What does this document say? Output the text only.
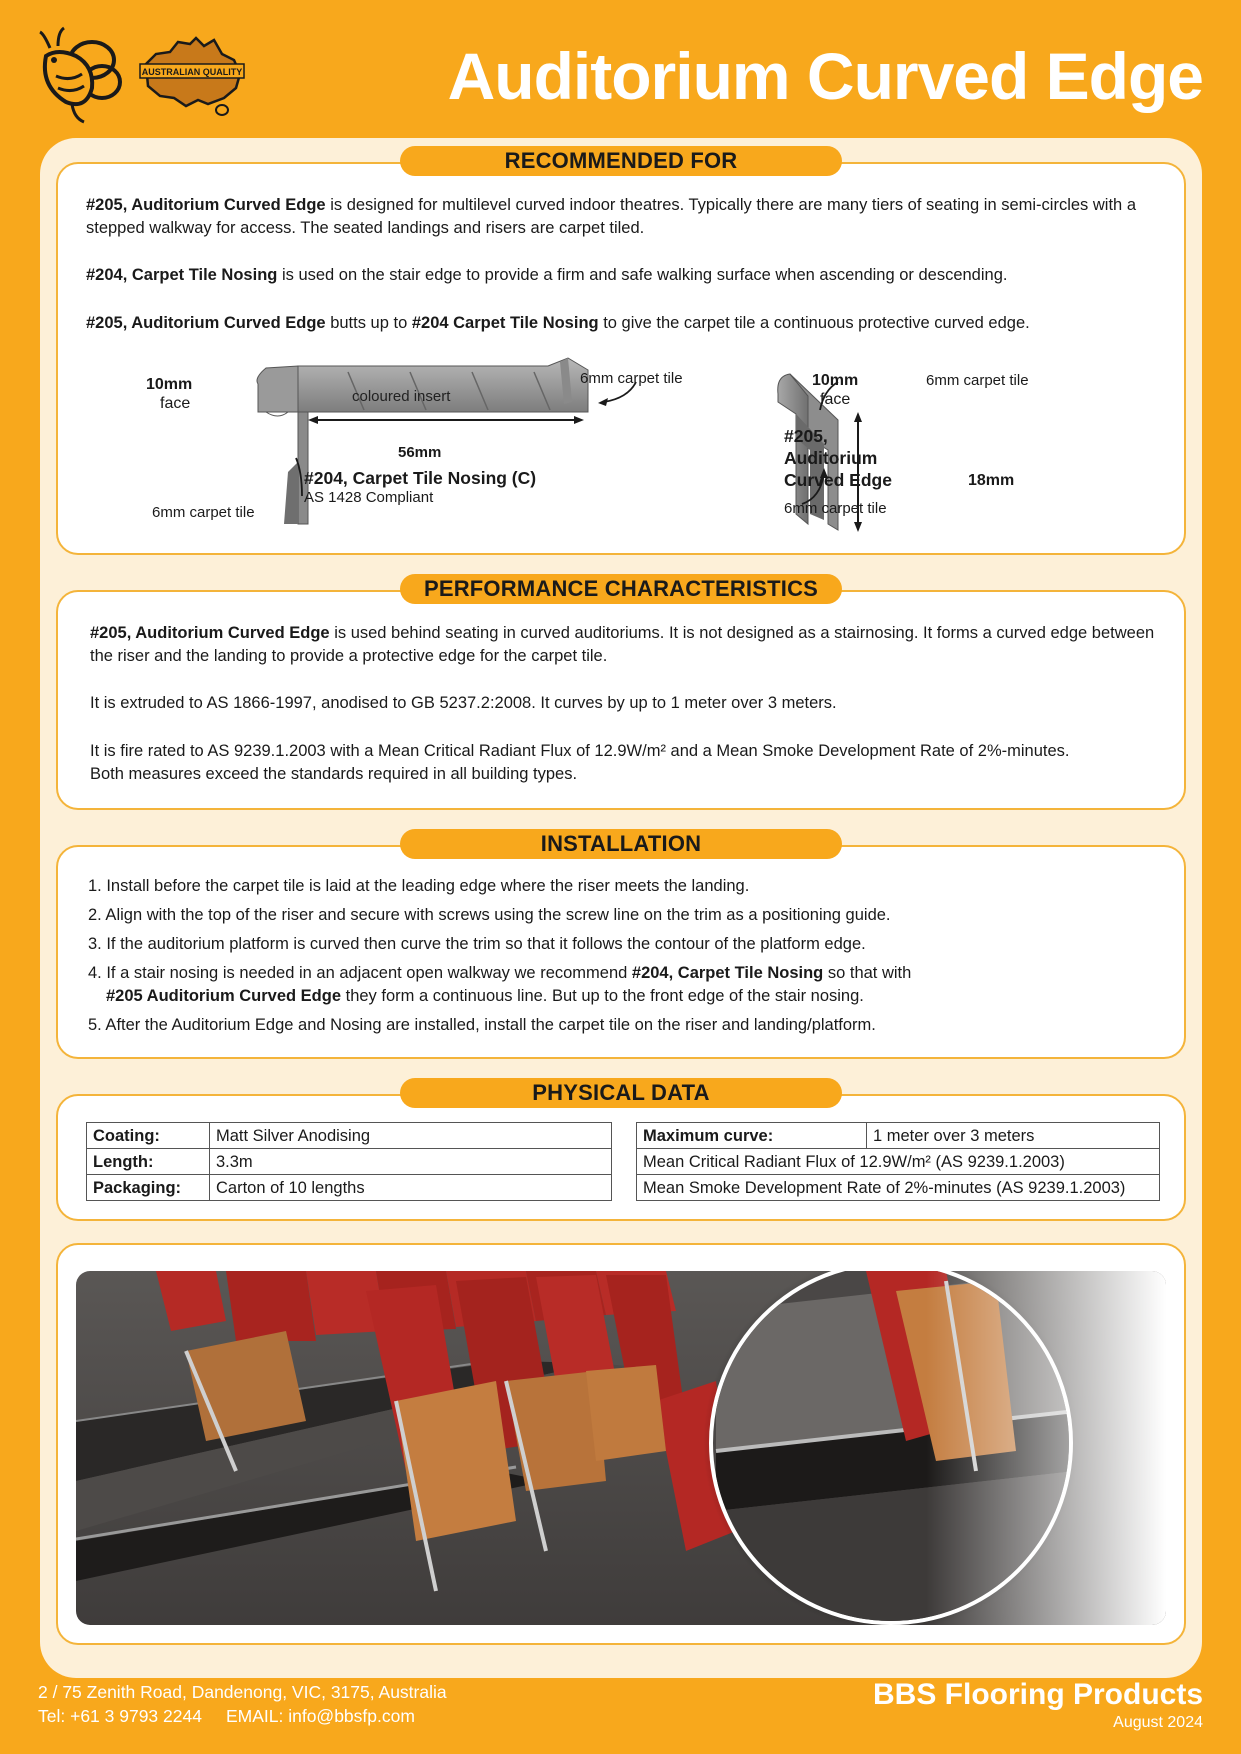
AUSTRALIAN QUALITY	Auditorium Curved Edge
RECOMMENDED FOR
#205, Auditorium Curved Edge is designed for multilevel curved indoor theatres. Typically there are many tiers of seating in semi-circles with a stepped walkway for access. The seated landings and risers are carpet tiled.
#204, Carpet Tile Nosing is used on the stair edge to provide a firm and safe walking surface when ascending or descending.
#205, Auditorium Curved Edge butts up to #204 Carpet Tile Nosing to give the carpet tile a continuous protective curved edge.
10mm
face	coloured insert
6mm carpet tile
56mm
#204, Carpet Tile Nosing (C)
AS 1428 Compliant
6mm carpet tile
10mm
face
6mm carpet tile
#205,
Auditorium
Curved Edge
6mm carpet tile
18mm
PERFORMANCE CHARACTERISTICS
#205, Auditorium Curved Edge is used behind seating in curved auditoriums. It is not designed as a stairnosing. It forms a curved edge between the riser and the landing to provide a protective edge for the carpet tile.
It is extruded to AS 1866-1997, anodised to GB 5237.2:2008. It curves by up to 1 meter over 3 meters.
It is fire rated to AS 9239.1.2003 with a Mean Critical Radiant Flux of 12.9W/m² and a Mean Smoke Development Rate of 2%-minutes. Both measures exceed the standards required in all building types.
INSTALLATION
1. Install before the carpet tile is laid at the leading edge where the riser meets the landing.
2. Align with the top of the riser and secure with screws using the screw line on the trim as a positioning guide.
3. If the auditorium platform is curved then curve the trim so that it follows the contour of the platform edge.
4. If a stair nosing is needed in an adjacent open walkway we recommend #204, Carpet Tile Nosing so that with
#205 Auditorium Curved Edge they form a continuous line. But up to the front edge of the stair nosing.
5. After the Auditorium Edge and Nosing are installed, install the carpet tile on the riser and landing/platform.
PHYSICAL DATA
Coating:	Matt Silver Anodising
Length:	3.3m
Packaging:	Carton of 10 lengths
Maximum curve:	1 meter over 3 meters
Mean Critical Radiant Flux of 12.9W/m² (AS 9239.1.2003)
Mean Smoke Development Rate of 2%-minutes (AS 9239.1.2003)
2 / 75 Zenith Road, Dandenong, VIC, 3175, Australia
Tel: +61 3 9793 2244 EMAIL: info@bbsfp.com
BBS Flooring Products
August 2024
